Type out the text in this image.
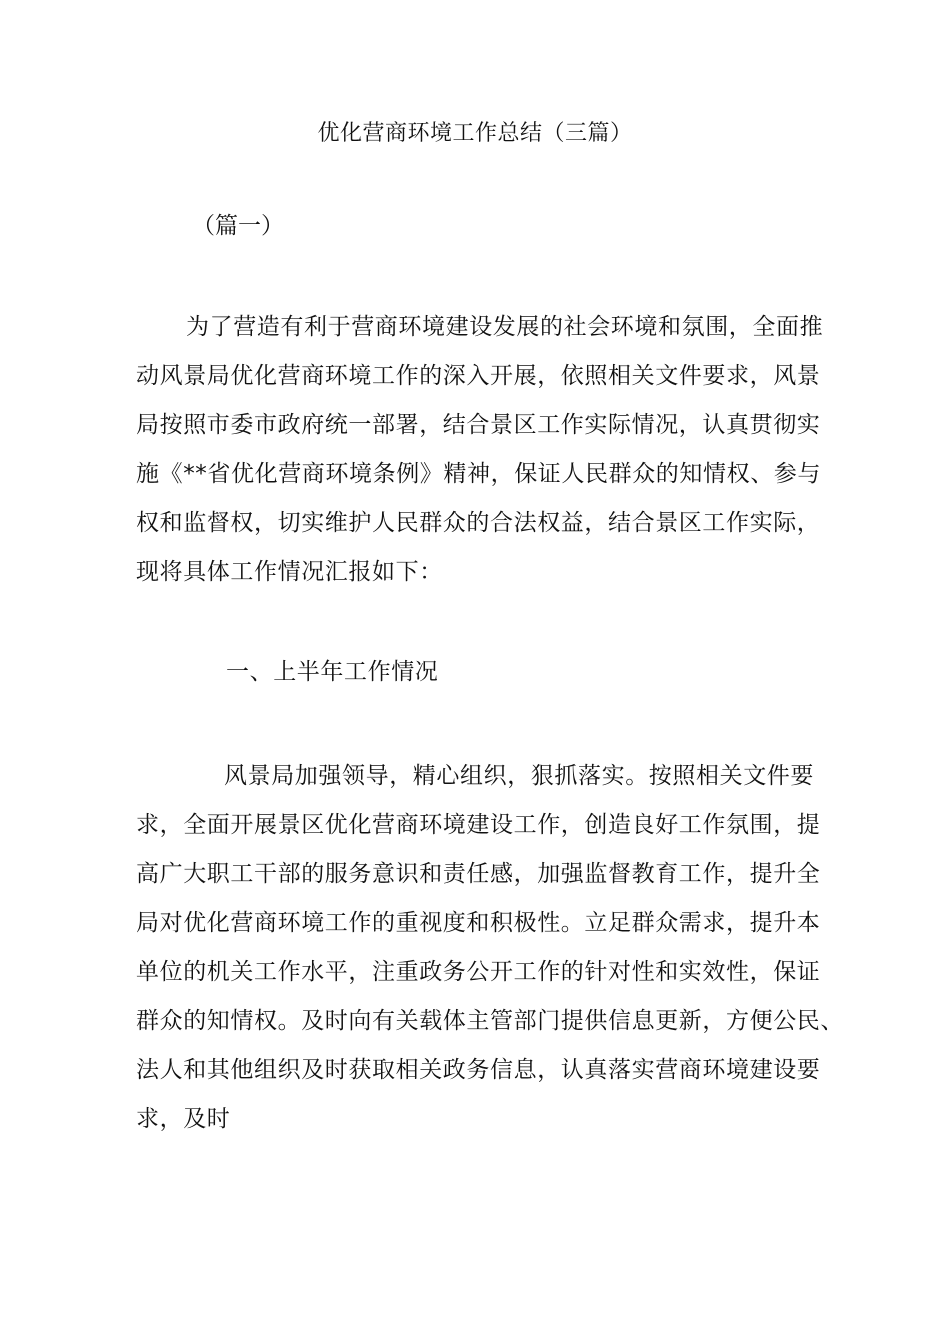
优化营商环境工作总结（三篇）
（篇一）
为了营造有利于营商环境建设发展的社会环境和氛围，全面推
动风景局优化营商环境工作的深入开展，依照相关文件要求，风景
局按照市委市政府统一部署，结合景区工作实际情况，认真贯彻实
施《**省优化营商环境条例》精神，保证人民群众的知情权、参与
权和监督权，切实维护人民群众的合法权益，结合景区工作实际，
现将具体工作情况汇报如下：
一、上半年工作情况
风景局加强领导，精心组织，狠抓落实。按照相关文件要
求，全面开展景区优化营商环境建设工作，创造良好工作氛围，提
高广大职工干部的服务意识和责任感，加强监督教育工作，提升全
局对优化营商环境工作的重视度和积极性。立足群众需求，提升本
单位的机关工作水平，注重政务公开工作的针对性和实效性，保证
群众的知情权。及时向有关载体主管部门提供信息更新，方便公民、
法人和其他组织及时获取相关政务信息，认真落实营商环境建设要
求，及时
